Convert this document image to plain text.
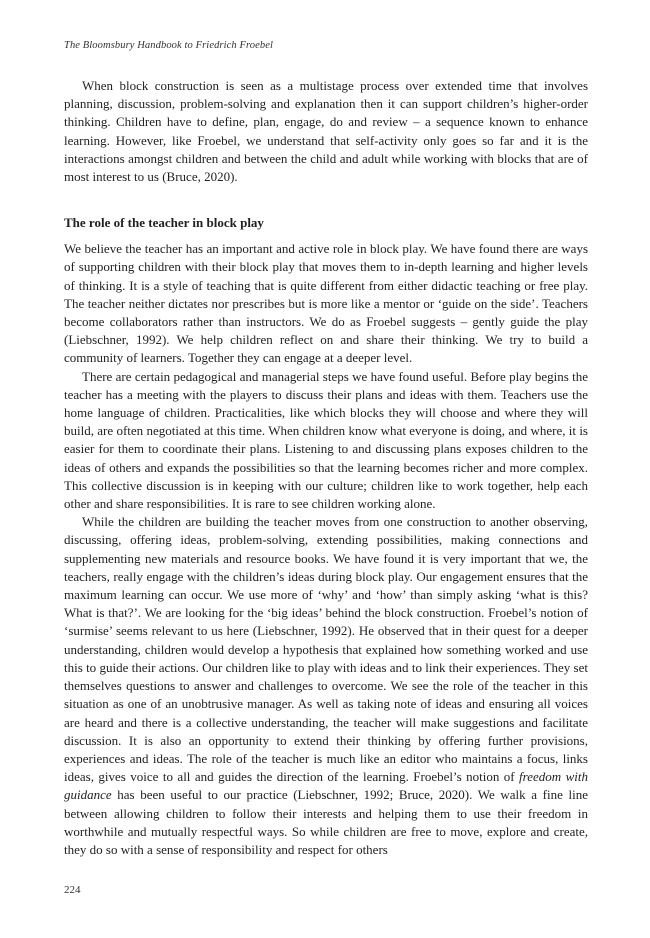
The Bloomsbury Handbook to Friedrich Froebel

When block construction is seen as a multistage process over extended time that involves planning, discussion, problem-solving and explanation then it can support children’s higher-order thinking. Children have to define, plan, engage, do and review – a sequence known to enhance learning. However, like Froebel, we understand that self-activity only goes so far and it is the interactions amongst children and between the child and adult while working with blocks that are of most interest to us (Bruce, 2020).

The role of the teacher in block play

We believe the teacher has an important and active role in block play. We have found there are ways of supporting children with their block play that moves them to in-depth learning and higher levels of thinking. It is a style of teaching that is quite different from either didactic teaching or free play. The teacher neither dictates nor prescribes but is more like a mentor or ‘guide on the side’. Teachers become collaborators rather than instructors. We do as Froebel suggests – gently guide the play (Liebschner, 1992). We help children reflect on and share their thinking. We try to build a community of learners. Together they can engage at a deeper level.

There are certain pedagogical and managerial steps we have found useful. Before play begins the teacher has a meeting with the players to discuss their plans and ideas with them. Teachers use the home language of children. Practicalities, like which blocks they will choose and where they will build, are often negotiated at this time. When children know what everyone is doing, and where, it is easier for them to coordinate their plans. Listening to and discussing plans exposes children to the ideas of others and expands the possibilities so that the learning becomes richer and more complex. This collective discussion is in keeping with our culture; children like to work together, help each other and share responsibilities. It is rare to see children working alone.

While the children are building the teacher moves from one construction to another observing, discussing, offering ideas, problem-solving, extending possibilities, making connections and supplementing new materials and resource books. We have found it is very important that we, the teachers, really engage with the children’s ideas during block play. Our engagement ensures that the maximum learning can occur. We use more of ‘why’ and ‘how’ than simply asking ‘what is this? What is that?’. We are looking for the ‘big ideas’ behind the block construction. Froebel’s notion of ‘surmise’ seems relevant to us here (Liebschner, 1992). He observed that in their quest for a deeper understanding, children would develop a hypothesis that explained how something worked and use this to guide their actions. Our children like to play with ideas and to link their experiences. They set themselves questions to answer and challenges to overcome. We see the role of the teacher in this situation as one of an unobtrusive manager. As well as taking note of ideas and ensuring all voices are heard and there is a collective understanding, the teacher will make suggestions and facilitate discussion. It is also an opportunity to extend their thinking by offering further provisions, experiences and ideas. The role of the teacher is much like an editor who maintains a focus, links ideas, gives voice to all and guides the direction of the learning. Froebel’s notion of freedom with guidance has been useful to our practice (Liebschner, 1992; Bruce, 2020). We walk a fine line between allowing children to follow their interests and helping them to use their freedom in worthwhile and mutually respectful ways. So while children are free to move, explore and create, they do so with a sense of responsibility and respect for others

224
